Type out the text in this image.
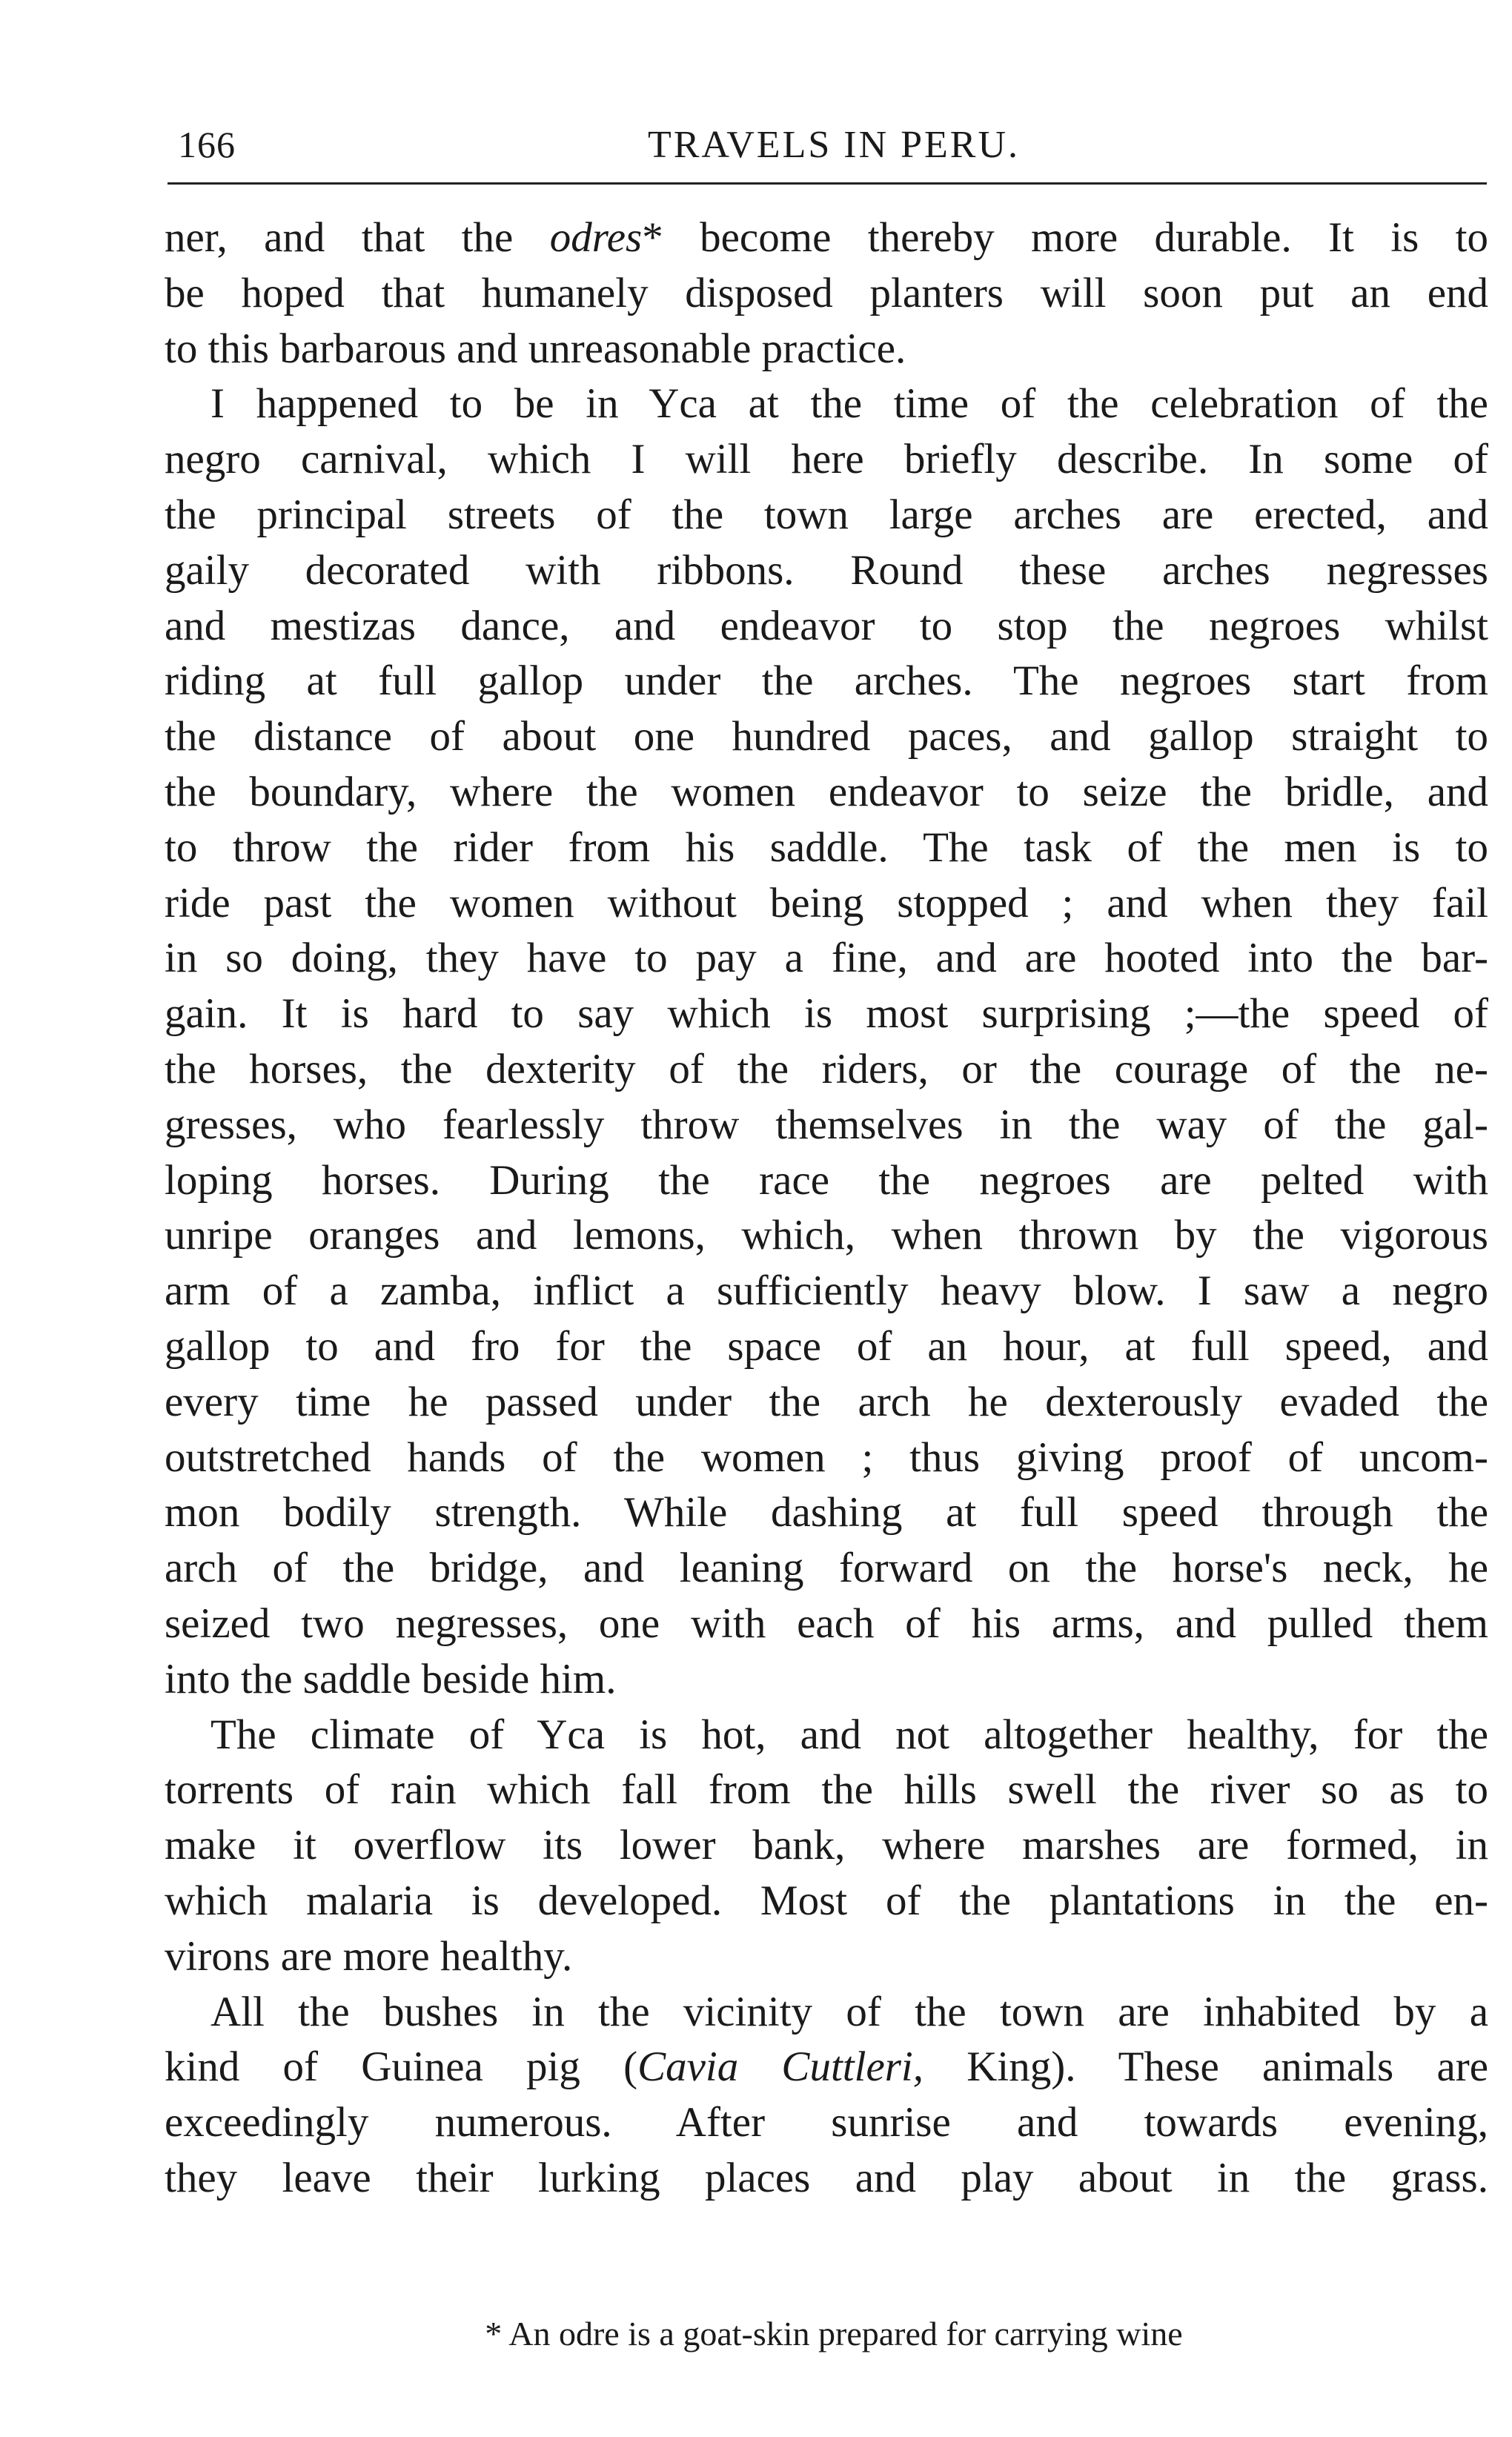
166	TRAVELS IN PERU.
ner, and that the odres* become thereby more durable. It is to
be hoped that humanely disposed planters will soon put an end
to this barbarous and unreasonable practice.
I happened to be in Yca at the time of the celebration of the
negro carnival, which I will here briefly describe. In some of
the principal streets of the town large arches are erected, and
gaily decorated with ribbons. Round these arches negresses
and mestizas dance, and endeavor to stop the negroes whilst
riding at full gallop under the arches. The negroes start from
the distance of about one hundred paces, and gallop straight to
the boundary, where the women endeavor to seize the bridle, and
to throw the rider from his saddle. The task of the men is to
ride past the women without being stopped ; and when they fail
in so doing, they have to pay a fine, and are hooted into the bar-
gain. It is hard to say which is most surprising ;—the speed of
the horses, the dexterity of the riders, or the courage of the ne-
gresses, who fearlessly throw themselves in the way of the gal-
loping horses. During the race the negroes are pelted with
unripe oranges and lemons, which, when thrown by the vigorous
arm of a zamba, inflict a sufficiently heavy blow. I saw a negro
gallop to and fro for the space of an hour, at full speed, and
every time he passed under the arch he dexterously evaded the
outstretched hands of the women ; thus giving proof of uncom-
mon bodily strength. While dashing at full speed through the
arch of the bridge, and leaning forward on the horse's neck, he
seized two negresses, one with each of his arms, and pulled them
into the saddle beside him.
The climate of Yca is hot, and not altogether healthy, for the
torrents of rain which fall from the hills swell the river so as to
make it overflow its lower bank, where marshes are formed, in
which malaria is developed. Most of the plantations in the en-
virons are more healthy.
All the bushes in the vicinity of the town are inhabited by a
kind of Guinea pig (Cavia Cuttleri, King). These animals are
exceedingly numerous. After sunrise and towards evening,
they leave their lurking places and play about in the grass.
* An odre is a goat-skin prepared for carrying wine
